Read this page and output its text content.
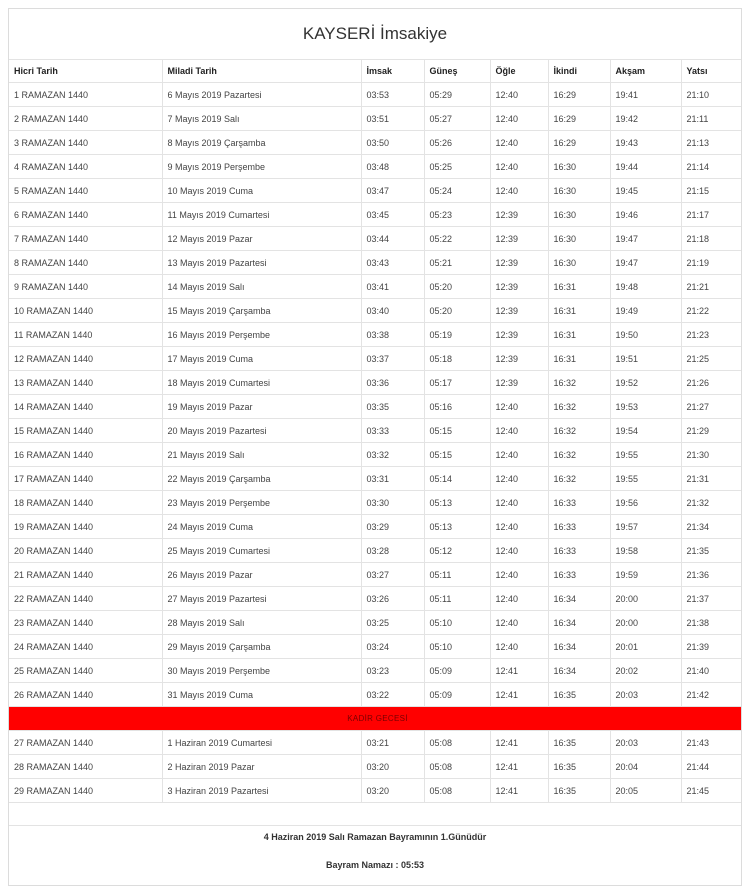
KAYSERİ İmsakiye
Hicri Tarih	Miladi Tarih	İmsak	Güneş	Öğle	İkindi	Akşam	Yatsı
1 RAMAZAN 1440	6 Mayıs 2019 Pazartesi	03:53	05:29	12:40	16:29	19:41	21:10
2 RAMAZAN 1440	7 Mayıs 2019 Salı	03:51	05:27	12:40	16:29	19:42	21:11
3 RAMAZAN 1440	8 Mayıs 2019 Çarşamba	03:50	05:26	12:40	16:29	19:43	21:13
4 RAMAZAN 1440	9 Mayıs 2019 Perşembe	03:48	05:25	12:40	16:30	19:44	21:14
5 RAMAZAN 1440	10 Mayıs 2019 Cuma	03:47	05:24	12:40	16:30	19:45	21:15
6 RAMAZAN 1440	11 Mayıs 2019 Cumartesi	03:45	05:23	12:39	16:30	19:46	21:17
7 RAMAZAN 1440	12 Mayıs 2019 Pazar	03:44	05:22	12:39	16:30	19:47	21:18
8 RAMAZAN 1440	13 Mayıs 2019 Pazartesi	03:43	05:21	12:39	16:30	19:47	21:19
9 RAMAZAN 1440	14 Mayıs 2019 Salı	03:41	05:20	12:39	16:31	19:48	21:21
10 RAMAZAN 1440	15 Mayıs 2019 Çarşamba	03:40	05:20	12:39	16:31	19:49	21:22
11 RAMAZAN 1440	16 Mayıs 2019 Perşembe	03:38	05:19	12:39	16:31	19:50	21:23
12 RAMAZAN 1440	17 Mayıs 2019 Cuma	03:37	05:18	12:39	16:31	19:51	21:25
13 RAMAZAN 1440	18 Mayıs 2019 Cumartesi	03:36	05:17	12:39	16:32	19:52	21:26
14 RAMAZAN 1440	19 Mayıs 2019 Pazar	03:35	05:16	12:40	16:32	19:53	21:27
15 RAMAZAN 1440	20 Mayıs 2019 Pazartesi	03:33	05:15	12:40	16:32	19:54	21:29
16 RAMAZAN 1440	21 Mayıs 2019 Salı	03:32	05:15	12:40	16:32	19:55	21:30
17 RAMAZAN 1440	22 Mayıs 2019 Çarşamba	03:31	05:14	12:40	16:32	19:55	21:31
18 RAMAZAN 1440	23 Mayıs 2019 Perşembe	03:30	05:13	12:40	16:33	19:56	21:32
19 RAMAZAN 1440	24 Mayıs 2019 Cuma	03:29	05:13	12:40	16:33	19:57	21:34
20 RAMAZAN 1440	25 Mayıs 2019 Cumartesi	03:28	05:12	12:40	16:33	19:58	21:35
21 RAMAZAN 1440	26 Mayıs 2019 Pazar	03:27	05:11	12:40	16:33	19:59	21:36
22 RAMAZAN 1440	27 Mayıs 2019 Pazartesi	03:26	05:11	12:40	16:34	20:00	21:37
23 RAMAZAN 1440	28 Mayıs 2019 Salı	03:25	05:10	12:40	16:34	20:00	21:38
24 RAMAZAN 1440	29 Mayıs 2019 Çarşamba	03:24	05:10	12:40	16:34	20:01	21:39
25 RAMAZAN 1440	30 Mayıs 2019 Perşembe	03:23	05:09	12:41	16:34	20:02	21:40
26 RAMAZAN 1440	31 Mayıs 2019 Cuma	03:22	05:09	12:41	16:35	20:03	21:42
KADİR GECESİ							
27 RAMAZAN 1440	1 Haziran 2019 Cumartesi	03:21	05:08	12:41	16:35	20:03	21:43
28 RAMAZAN 1440	2 Haziran 2019 Pazar	03:20	05:08	12:41	16:35	20:04	21:44
29 RAMAZAN 1440	3 Haziran 2019 Pazartesi	03:20	05:08	12:41	16:35	20:05	21:45
4 Haziran 2019 Salı Ramazan Bayramının 1.Günüdür
Bayram Namazı : 05:53
